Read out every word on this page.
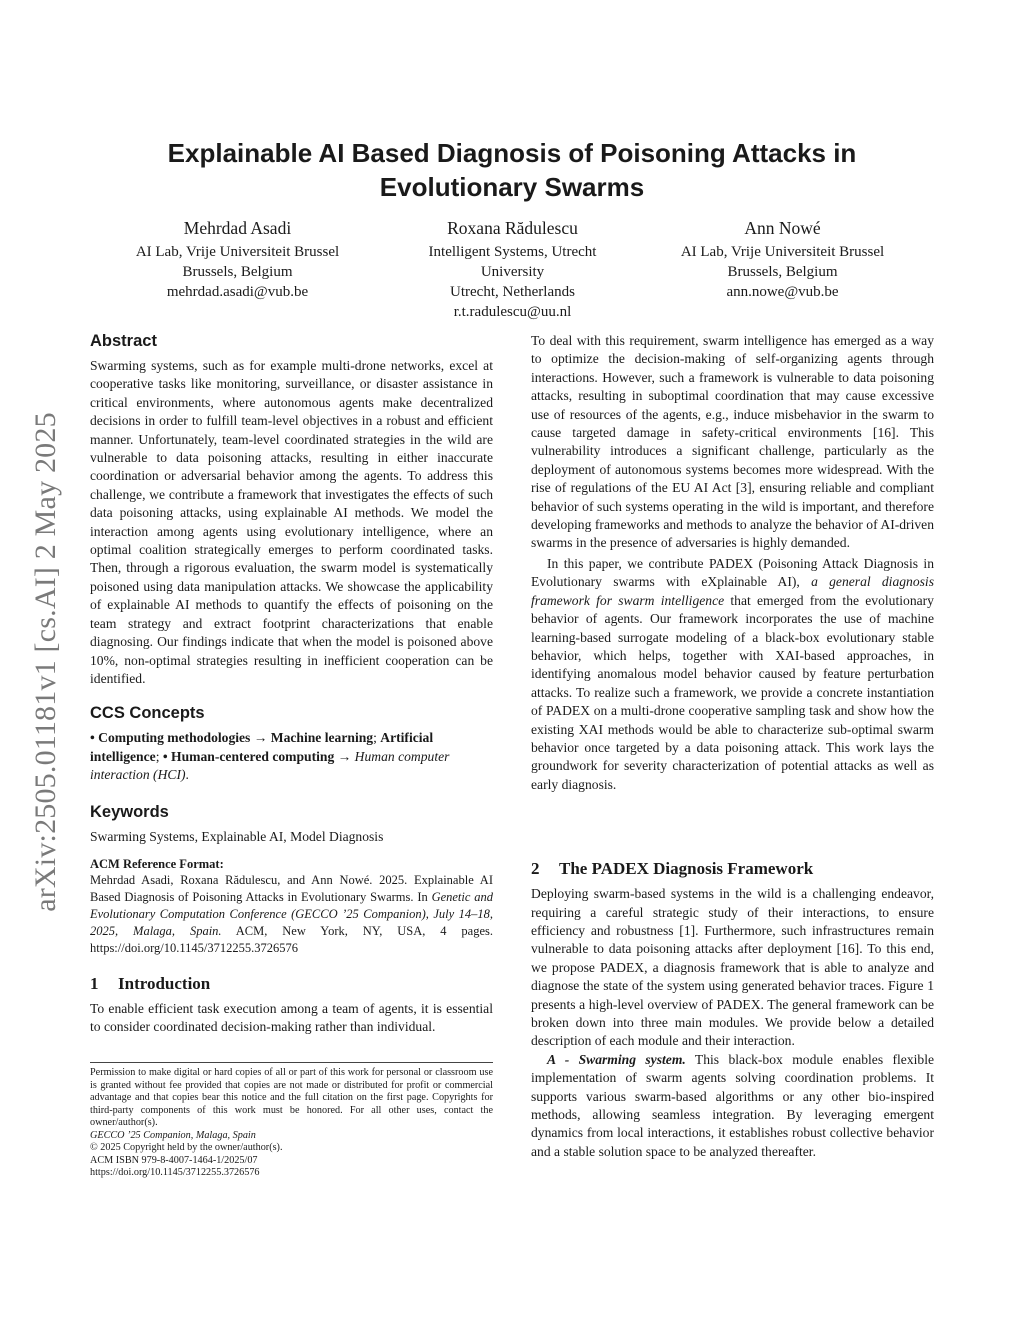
arXiv:2505.01181v1 [cs.AI] 2 May 2025
Explainable AI Based Diagnosis of Poisoning Attacks in Evolutionary Swarms
Mehrdad Asadi
AI Lab, Vrije Universiteit Brussel
Brussels, Belgium
mehrdad.asadi@vub.be
Roxana Rădulescu
Intelligent Systems, Utrecht
University
Utrecht, Netherlands
r.t.radulescu@uu.nl
Ann Nowé
AI Lab, Vrije Universiteit Brussel
Brussels, Belgium
ann.nowe@vub.be
Abstract

Swarming systems, such as for example multi-drone networks, excel at cooperative tasks like monitoring, surveillance, or disaster assistance in critical environments, where autonomous agents make decentralized decisions in order to fulfill team-level objectives in a robust and efficient manner. Unfortunately, team-level coordinated strategies in the wild are vulnerable to data poisoning attacks, resulting in either inaccurate coordination or adversarial behavior among the agents. To address this challenge, we contribute a framework that investigates the effects of such data poisoning attacks, using explainable AI methods. We model the interaction among agents using evolutionary intelligence, where an optimal coalition strategically emerges to perform coordinated tasks. Then, through a rigorous evaluation, the swarm model is systematically poisoned using data manipulation attacks. We showcase the applicability of explainable AI methods to quantify the effects of poisoning on the team strategy and extract footprint characterizations that enable diagnosing. Our findings indicate that when the model is poisoned above 10%, non-optimal strategies resulting in inefficient cooperation can be identified.

CCS Concepts

• Computing methodologies → Machine learning; Artificial intelligence; • Human-centered computing → Human computer interaction (HCI).

Keywords

Swarming Systems, Explainable AI, Model Diagnosis

ACM Reference Format:

Mehrdad Asadi, Roxana Rădulescu, and Ann Nowé. 2025. Explainable AI Based Diagnosis of Poisoning Attacks in Evolutionary Swarms. In Genetic and Evolutionary Computation Conference (GECCO ’25 Companion), July 14–18, 2025, Malaga, Spain. ACM, New York, NY, USA, 4 pages. https://doi.org/10.1145/3712255.3726576

1 Introduction

To enable efficient task execution among a team of agents, it is essential to consider coordinated decision-making rather than individual.

Permission to make digital or hard copies of all or part of this work for personal or classroom use is granted without fee provided that copies are not made or distributed for profit or commercial advantage and that copies bear this notice and the full citation on the first page. Copyrights for third-party components of this work must be honored. For all other uses, contact the owner/author(s).

GECCO ’25 Companion, Malaga, Spain
© 2025 Copyright held by the owner/author(s).
ACM ISBN 979-8-4007-1464-1/2025/07
https://doi.org/10.1145/3712255.3726576

To deal with this requirement, swarm intelligence has emerged as a way to optimize the decision-making of self-organizing agents through interactions. However, such a framework is vulnerable to data poisoning attacks, resulting in suboptimal coordination that may cause excessive use of resources of the agents, e.g., induce misbehavior in the swarm to cause targeted damage in safety-critical environments [16]. This vulnerability introduces a significant challenge, particularly as the deployment of autonomous systems becomes more widespread. With the rise of regulations of the EU AI Act [3], ensuring reliable and compliant behavior of such systems operating in the wild is important, and therefore developing frameworks and methods to analyze the behavior of AI-driven swarms in the presence of adversaries is highly demanded.

In this paper, we contribute PADEX (Poisoning Attack Diagnosis in Evolutionary swarms with eXplainable AI), a general diagnosis framework for swarm intelligence that emerged from the evolutionary behavior of agents. Our framework incorporates the use of machine learning-based surrogate modeling of a black-box evolutionary stable behavior, which helps, together with XAI-based approaches, in identifying anomalous model behavior caused by feature perturbation attacks. To realize such a framework, we provide a concrete instantiation of PADEX on a multi-drone cooperative sampling task and show how the existing XAI methods would be able to characterize sub-optimal swarm behavior once targeted by a data poisoning attack. This work lays the groundwork for severity characterization of potential attacks as well as early diagnosis.

2 The PADEX Diagnosis Framework

Deploying swarm-based systems in the wild is a challenging endeavor, requiring a careful strategic study of their interactions, to ensure efficiency and robustness [1]. Furthermore, such infrastructures remain vulnerable to data poisoning attacks after deployment [16]. To this end, we propose PADEX, a diagnosis framework that is able to analyze and diagnose the state of the system using generated behavior traces. Figure 1 presents a high-level overview of PADEX. The general framework can be broken down into three main modules. We provide below a detailed description of each module and their interaction.

A - Swarming system. This black-box module enables flexible implementation of swarm agents solving coordination problems. It supports various swarm-based algorithms or any other bio-inspired methods, allowing seamless integration. By leveraging emergent dynamics from local interactions, it establishes robust collective behavior and a stable solution space to be analyzed thereafter.
